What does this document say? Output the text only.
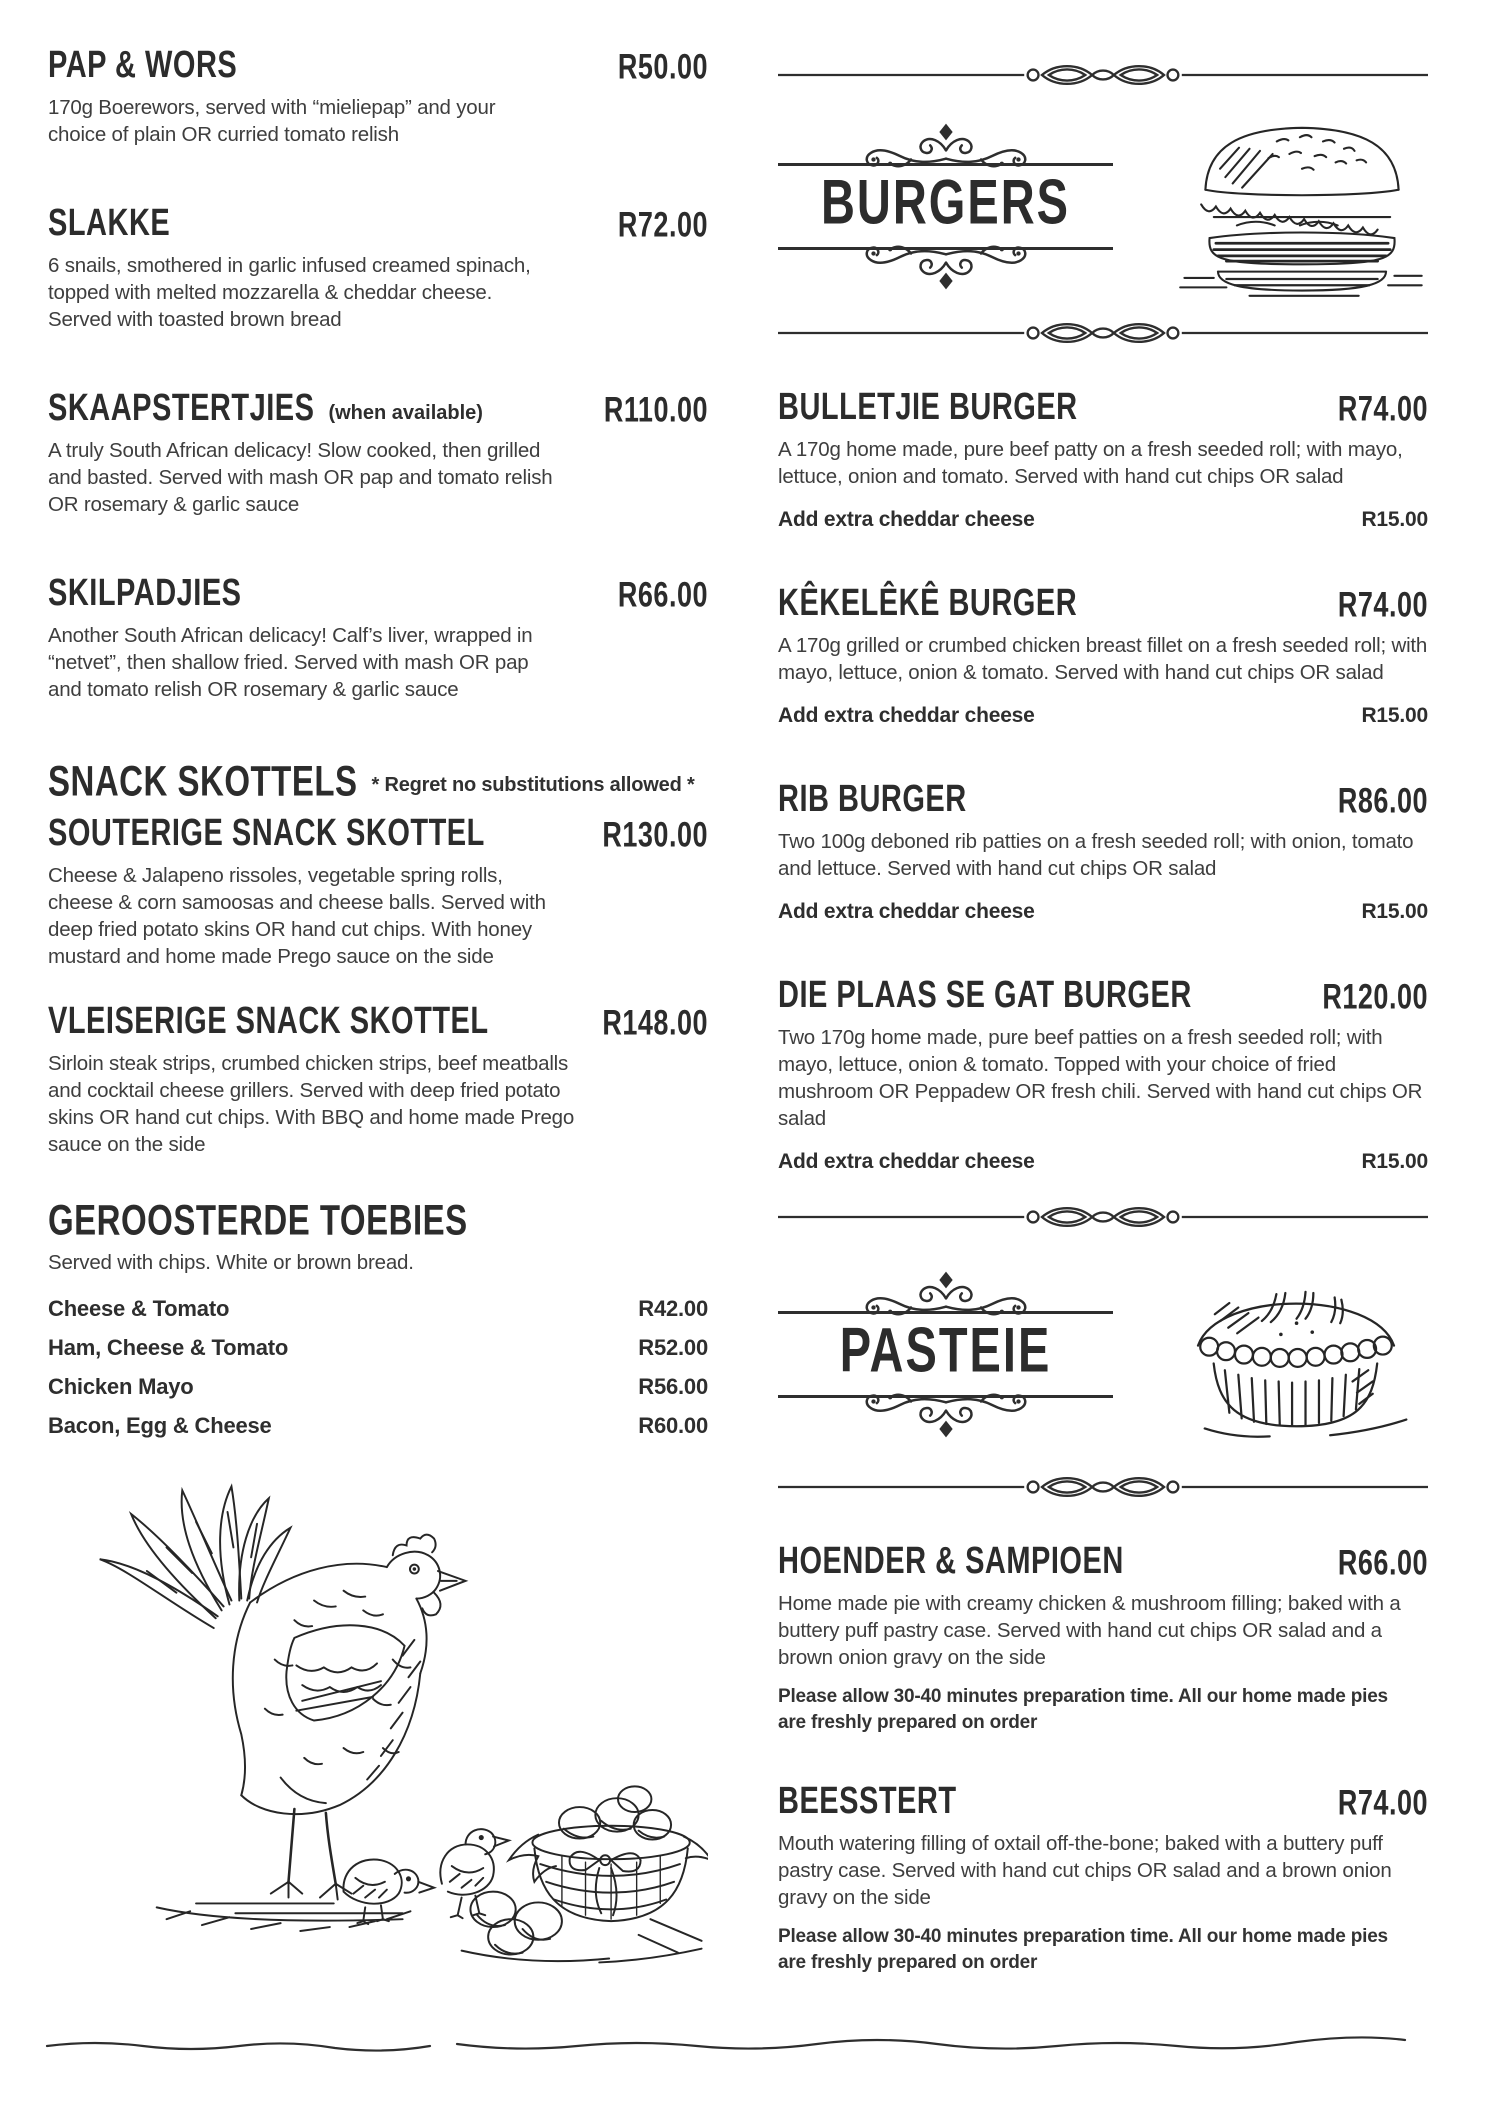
PAP & WORS	R50.00

170g Boerewors, served with “mieliepap” and your choice of plain OR curried tomato relish

SLAKKE	R72.00

6 snails, smothered in garlic infused creamed spinach, topped with melted mozzarella & cheddar cheese. Served with toasted brown bread

SKAAPSTERTJIES (when available)	R110.00

A truly South African delicacy! Slow cooked, then grilled and basted. Served with mash OR pap and tomato relish OR rosemary & garlic sauce

SKILPADJIES	R66.00

Another South African delicacy! Calf’s liver, wrapped in “netvet”, then shallow fried. Served with mash OR pap and tomato relish OR rosemary & garlic sauce

SNACK SKOTTELS * Regret no substitutions allowed *
SOUTERIGE SNACK SKOTTEL	R130.00

Cheese & Jalapeno rissoles, vegetable spring rolls, cheese & corn samoosas and cheese balls. Served with deep fried potato skins OR hand cut chips. With honey mustard and home made Prego sauce on the side

VLEISERIGE SNACK SKOTTEL	R148.00

Sirloin steak strips, crumbed chicken strips, beef meatballs and cocktail cheese grillers. Served with deep fried potato skins OR hand cut chips. With BBQ and home made Prego sauce on the side

GEROOSTERDE TOEBIES

Served with chips. White or brown bread.

Cheese & Tomato	R42.00
Ham, Cheese & Tomato	R52.00
Chicken Mayo	R56.00
Bacon, Egg & Cheese	R60.00
BURGERS
BULLETJIE BURGER	R74.00

A 170g home made, pure beef patty on a fresh seeded roll; with mayo, lettuce, onion and tomato. Served with hand cut chips OR salad

Add extra cheddar cheese	R15.00
KÊKELÊKÊ BURGER	R74.00

A 170g grilled or crumbed chicken breast fillet on a fresh seeded roll; with mayo, lettuce, onion & tomato. Served with hand cut chips OR salad

Add extra cheddar cheese	R15.00
RIB BURGER	R86.00

Two 100g deboned rib patties on a fresh seeded roll; with onion, tomato and lettuce. Served with hand cut chips OR salad

Add extra cheddar cheese	R15.00
DIE PLAAS SE GAT BURGER	R120.00

Two 170g home made, pure beef patties on a fresh seeded roll; with mayo, lettuce, onion & tomato. Topped with your choice of fried mushroom OR Peppadew OR fresh chili. Served with hand cut chips OR salad

Add extra cheddar cheese	R15.00
PASTEIE
HOENDER & SAMPIOEN	R66.00

Home made pie with creamy chicken & mushroom filling; baked with a buttery puff pastry case. Served with hand cut chips OR salad and a brown onion gravy on the side

Please allow 30-40 minutes preparation time. All our home made pies are freshly prepared on order

BEESSTERT	R74.00

Mouth watering filling of oxtail off-the-bone; baked with a buttery puff pastry case. Served with hand cut chips OR salad and a brown onion gravy on the side

Please allow 30-40 minutes preparation time. All our home made pies are freshly prepared on order
